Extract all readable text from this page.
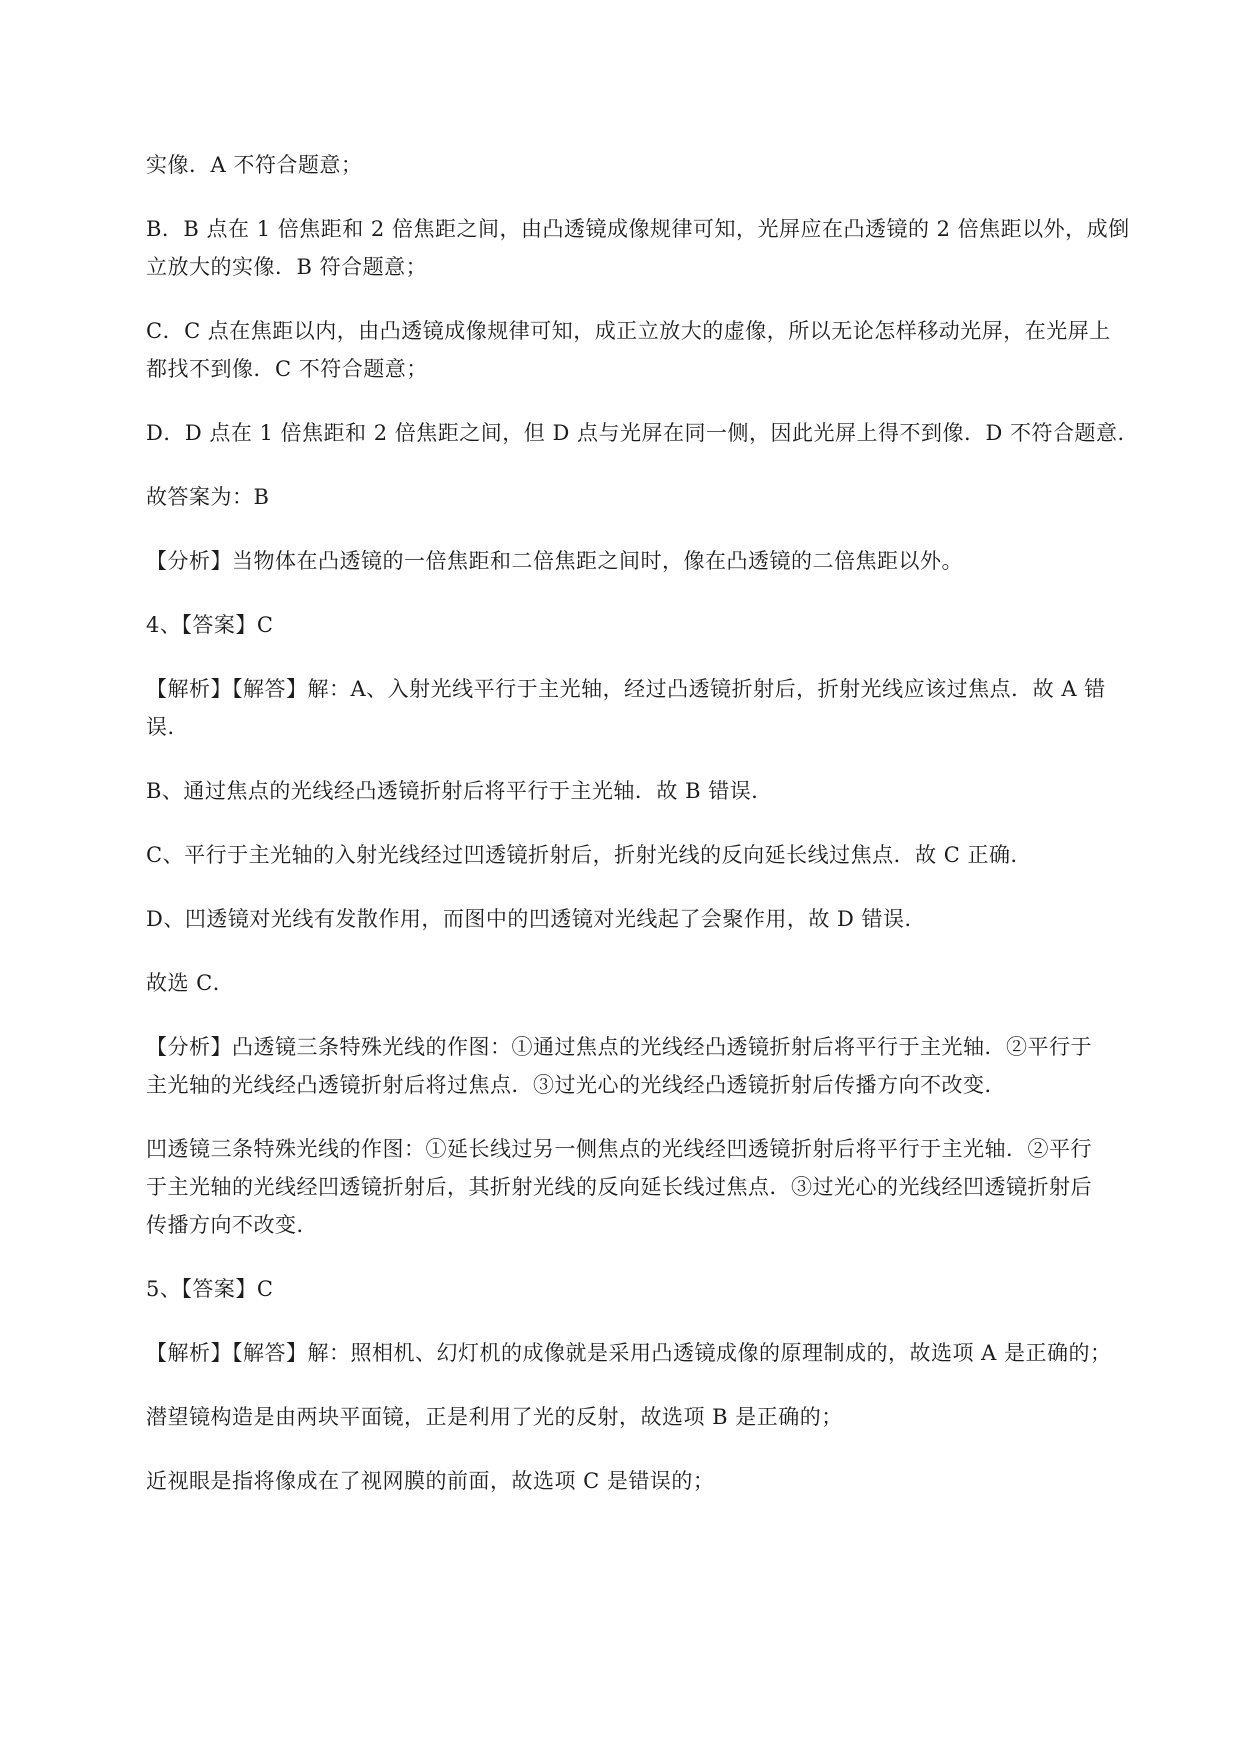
实像．A 不符合题意；

B．B 点在 1 倍焦距和 2 倍焦距之间，由凸透镜成像规律可知，光屏应在凸透镜的 2 倍焦距以外，成倒
立放大的实像．B 符合题意；

C．C 点在焦距以内，由凸透镜成像规律可知，成正立放大的虚像，所以无论怎样移动光屏，在光屏上
都找不到像．C 不符合题意；

D．D 点在 1 倍焦距和 2 倍焦距之间，但 D 点与光屏在同一侧，因此光屏上得不到像．D 不符合题意．

故答案为：B

【分析】当物体在凸透镜的一倍焦距和二倍焦距之间时，像在凸透镜的二倍焦距以外。

4、【答案】C

【解析】【解答】解：A、入射光线平行于主光轴，经过凸透镜折射后，折射光线应该过焦点．故 A 错
误．

B、通过焦点的光线经凸透镜折射后将平行于主光轴．故 B 错误．

C、平行于主光轴的入射光线经过凹透镜折射后，折射光线的反向延长线过焦点．故 C 正确．

D、凹透镜对光线有发散作用，而图中的凹透镜对光线起了会聚作用，故 D 错误．

故选 C．

【分析】凸透镜三条特殊光线的作图：①通过焦点的光线经凸透镜折射后将平行于主光轴．②平行于
主光轴的光线经凸透镜折射后将过焦点．③过光心的光线经凸透镜折射后传播方向不改变．

凹透镜三条特殊光线的作图：①延长线过另一侧焦点的光线经凹透镜折射后将平行于主光轴．②平行
于主光轴的光线经凹透镜折射后，其折射光线的反向延长线过焦点．③过光心的光线经凹透镜折射后
传播方向不改变．

5、【答案】C

【解析】【解答】解：照相机、幻灯机的成像就是采用凸透镜成像的原理制成的，故选项 A 是正确的；

潜望镜构造是由两块平面镜，正是利用了光的反射，故选项 B 是正确的；

近视眼是指将像成在了视网膜的前面，故选项 C 是错误的；
